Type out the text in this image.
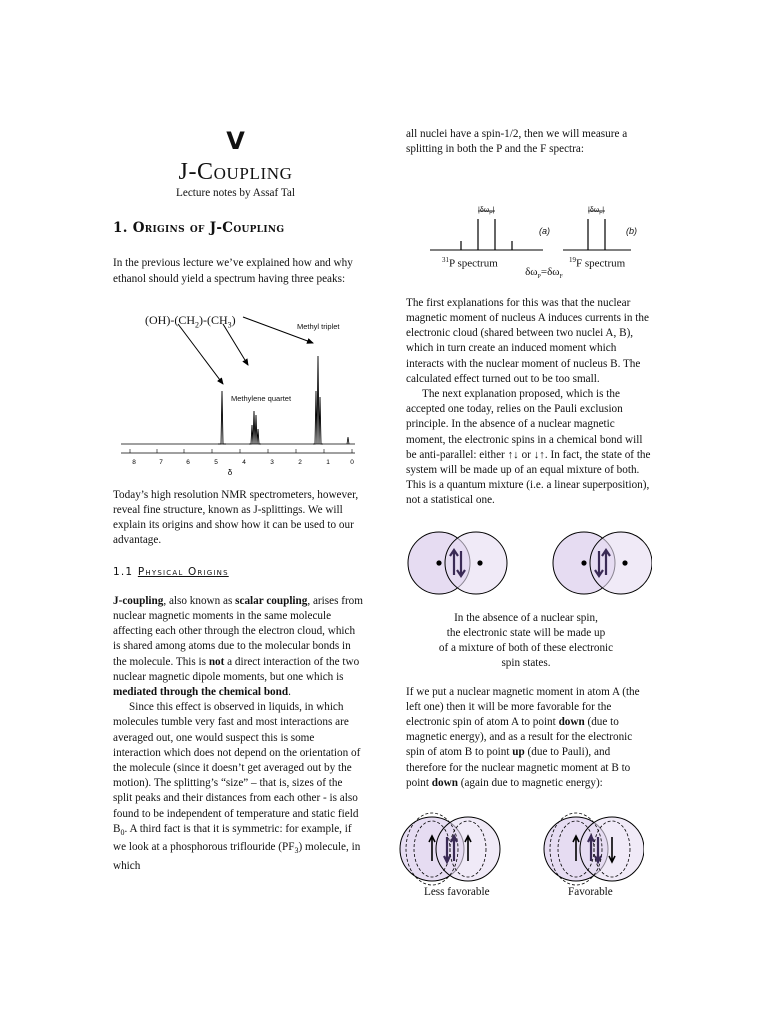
V
J-Coupling
Lecture notes by Assaf Tal
1. Origins of J-Coupling

In the previous lecture we’ve explained how and why ethanol should yield a spectrum having three peaks:

$(OH)-(CH_2)-(CH_3)$	Methyl triplet
Methylene quartet
8	7	6	5	4	3	2	1	0
δ

Today’s high resolution NMR spectrometers, however, reveal fine structure, known as J-splittings. We will explain its origins and show how it can be used to our advantage.

1.1 Physical Origins

J-coupling, also known as scalar coupling, arises from nuclear magnetic moments in the same molecule affecting each other through the electron cloud, which is shared among atoms due to the molecular bonds in the molecule. This is not a direct interaction of the two nuclear magnetic dipole moments, but one which is mediated through the chemical bond.

Since this effect is observed in liquids, in which molecules tumble very fast and most interactions are averaged out, one would suspect this is some interaction which does not depend on the orientation of the molecule (since it doesn’t get averaged out by the motion). The splitting’s “size” – that is, sizes of the split peaks and their distances from each other - is also found to be independent of temperature and static field $B_0$. A third fact is that it is symmetric: for example, if we look at a phosphorous triflouride $(PF_3)$ molecule, in which

all nuclei have a spin-1/2, then we will measure a splitting in both the P and the F spectra:

$|\delta\omega_P|$	$|\delta\omega_F|$
(a)	(b)
$^{31}$P spectrum	$^{19}$F spectrum
$\delta\omega_P=\delta\omega_F$

The first explanations for this was that the nuclear magnetic moment of nucleus A induces currents in the electronic cloud (shared between two nuclei A, B), which in turn create an induced moment which interacts with the nuclear moment of nucleus B. The calculated effect turned out to be too small.

The next explanation proposed, which is the accepted one today, relies on the Pauli exclusion principle. In the absence of a nuclear magnetic moment, the electronic spins in a chemical bond will be anti-parallel: either ↑↓ or ↓↑. In fact, the state of the system will be made up of an equal mixture of both. This is a quantum mixture (i.e. a linear superposition), not a statistical one.

In the absence of a nuclear spin,
the electronic state will be made up
of a mixture of both of these electronic
spin states.

If we put a nuclear magnetic moment in atom A (the left one) then it will be more favorable for the electronic spin of atom A to point down (due to magnetic energy), and as a result for the electronic spin of atom B to point up (due to Pauli), and therefore for the nuclear magnetic moment at B to point down (again due to magnetic energy):

Less favorable	Favorable
